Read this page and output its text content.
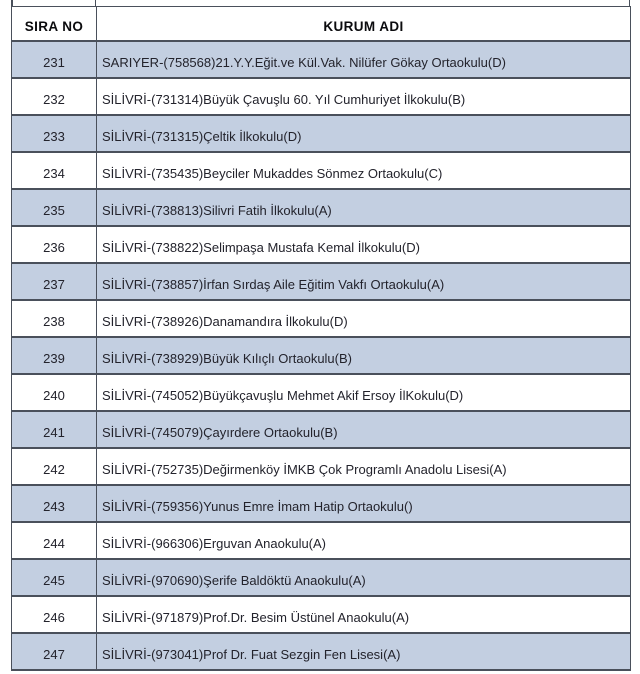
SIRA NO	KURUM ADI
231	SARIYER-(758568)21.Y.Y.Eğit.ve Kül.Vak. Nilüfer Gökay Ortaokulu(D)
232	SİLİVRİ-(731314)Büyük Çavuşlu 60. Yıl Cumhuriyet İlkokulu(B)
233	SİLİVRİ-(731315)Çeltik İlkokulu(D)
234	SİLİVRİ-(735435)Beyciler Mukaddes Sönmez Ortaokulu(C)
235	SİLİVRİ-(738813)Silivri Fatih İlkokulu(A)
236	SİLİVRİ-(738822)Selimpaşa Mustafa Kemal İlkokulu(D)
237	SİLİVRİ-(738857)İrfan Sırdaş Aile Eğitim Vakfı Ortaokulu(A)
238	SİLİVRİ-(738926)Danamandıra İlkokulu(D)
239	SİLİVRİ-(738929)Büyük Kılıçlı Ortaokulu(B)
240	SİLİVRİ-(745052)Büyükçavuşlu Mehmet Akif Ersoy İlKokulu(D)
241	SİLİVRİ-(745079)Çayırdere Ortaokulu(B)
242	SİLİVRİ-(752735)Değirmenköy İMKB Çok Programlı Anadolu Lisesi(A)
243	SİLİVRİ-(759356)Yunus Emre İmam Hatip Ortaokulu()
244	SİLİVRİ-(966306)Erguvan Anaokulu(A)
245	SİLİVRİ-(970690)Şerife Baldöktü Anaokulu(A)
246	SİLİVRİ-(971879)Prof.Dr. Besim Üstünel Anaokulu(A)
247	SİLİVRİ-(973041)Prof Dr. Fuat Sezgin Fen Lisesi(A)
